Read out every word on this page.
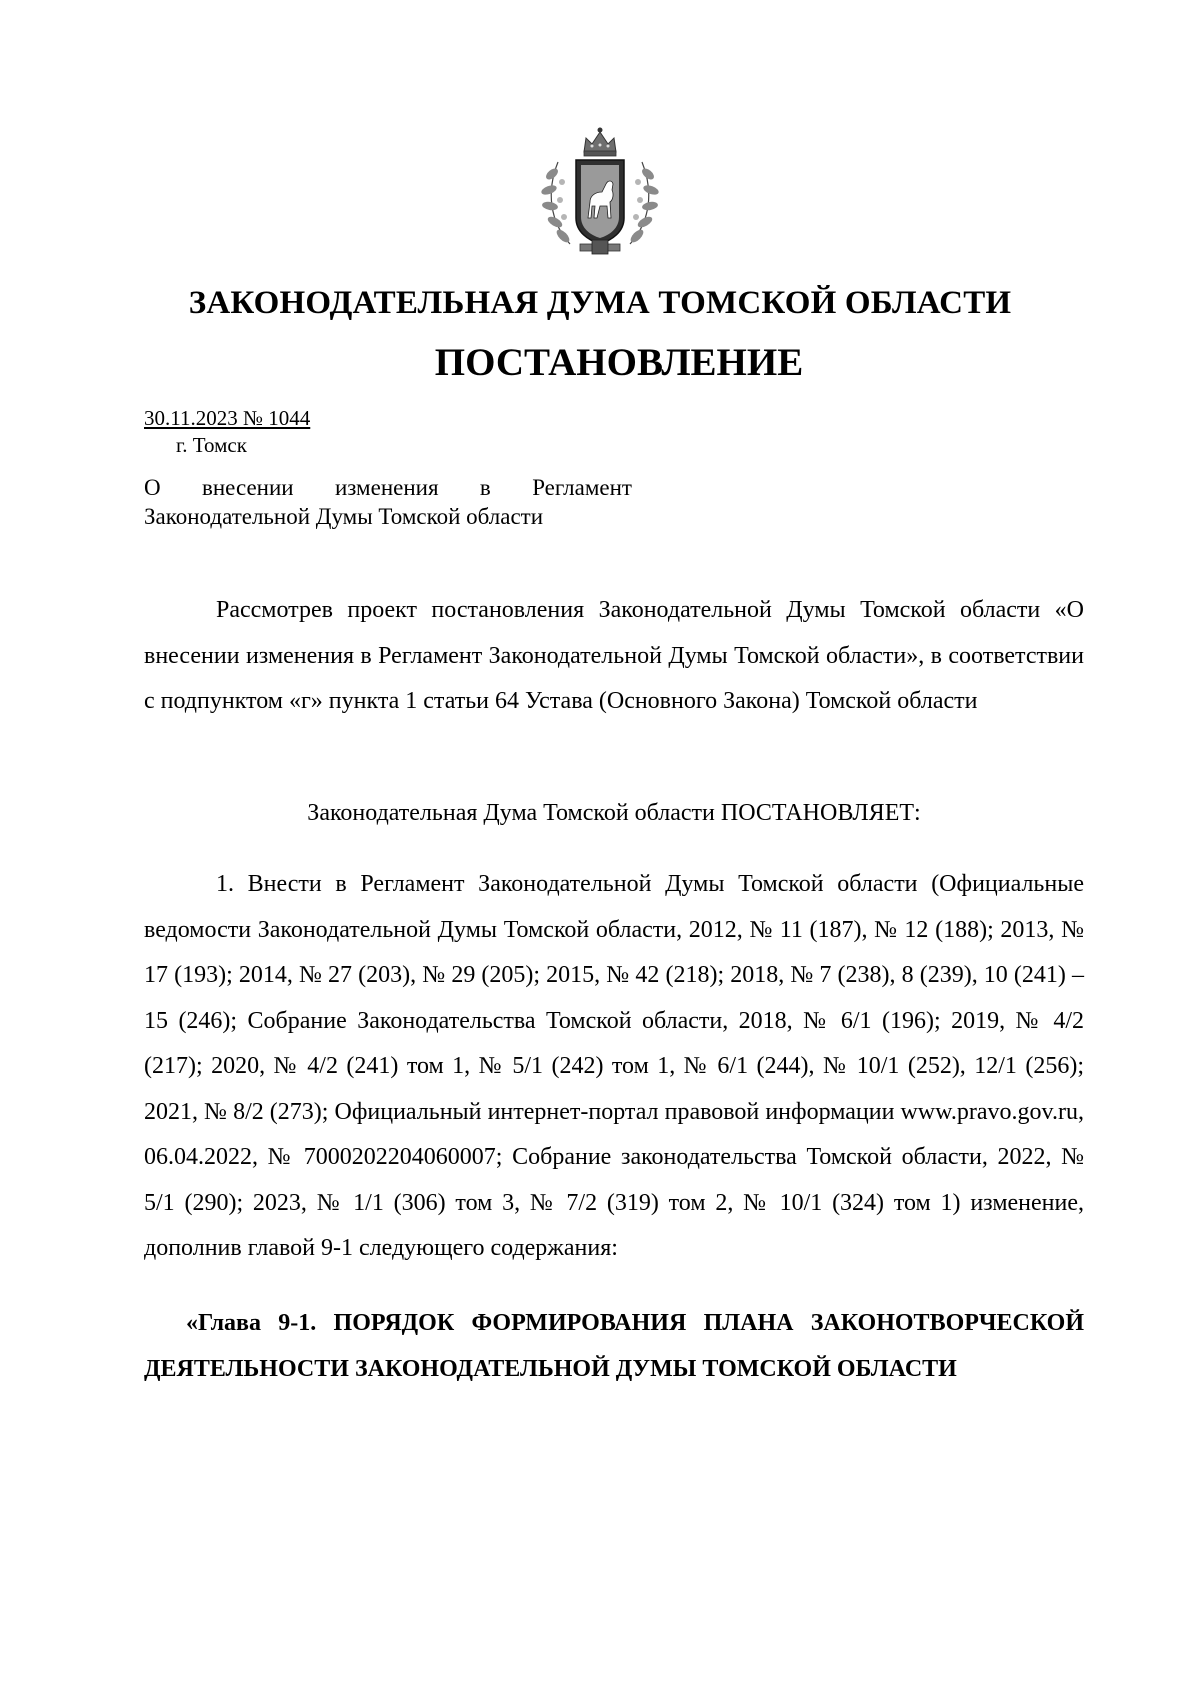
ЗАКОНОДАТЕЛЬНАЯ ДУМА ТОМСКОЙ ОБЛАСТИ
ПОСТАНОВЛЕНИЕ
30.11.2023 № 1044
г. Томск
О внесении изменения в Регламент
Законодательной Думы Томской области
Рассмотрев проект постановления Законодательной Думы Томской области «О внесении изменения в Регламент Законодательной Думы Томской области», в соответствии с подпунктом «г» пункта 1 статьи 64 Устава (Основного Закона) Томской области
Законодательная Дума Томской области ПОСТАНОВЛЯЕТ:
1. Внести в Регламент Законодательной Думы Томской области (Официальные ведомости Законодательной Думы Томской области, 2012, № 11 (187), № 12 (188); 2013, № 17 (193); 2014, № 27 (203), № 29 (205); 2015, № 42 (218); 2018, № 7 (238), 8 (239), 10 (241) – 15 (246); Собрание Законодательства Томской области, 2018, № 6/1 (196); 2019, № 4/2 (217); 2020, № 4/2 (241) том 1, № 5/1 (242) том 1, № 6/1 (244), № 10/1 (252), 12/1 (256); 2021, № 8/2 (273); Официальный интернет-портал правовой информации www.pravo.gov.ru, 06.04.2022, № 7000202204060007; Собрание законодательства Томской области, 2022, № 5/1 (290); 2023, № 1/1 (306) том 3, № 7/2 (319) том 2, № 10/1 (324) том 1) изменение, дополнив главой 9-1 следующего содержания:
«Глава 9-1. ПОРЯДОК ФОРМИРОВАНИЯ ПЛАНА ЗАКОНОТВОРЧЕСКОЙ ДЕЯТЕЛЬНОСТИ ЗАКОНОДАТЕЛЬНОЙ ДУМЫ ТОМСКОЙ ОБЛАСТИ
